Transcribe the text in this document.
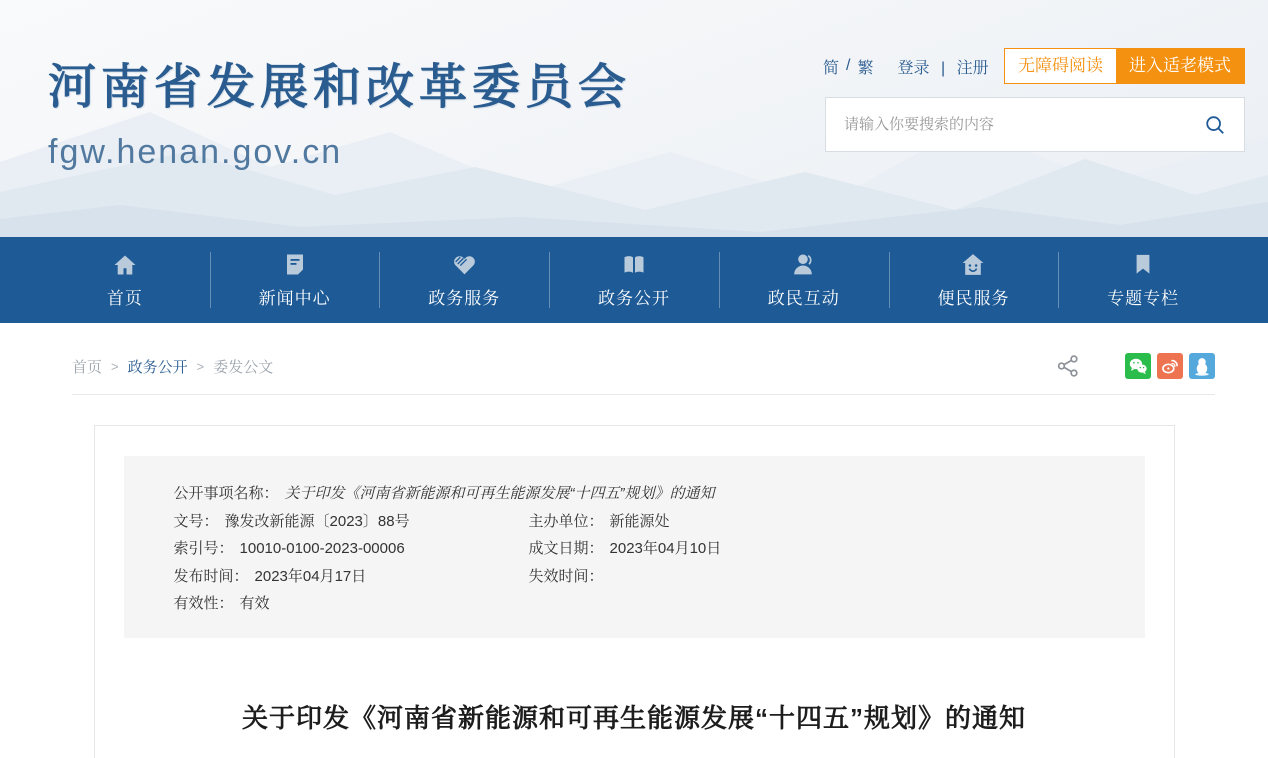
河南省发展和改革委员会
fgw.henan.gov.cn
简 / 繁 登录 | 注册	无障碍阅读	进入适老模式
请输入你要搜索的内容
首页	新闻中心	政务服务	政务公开	政民互动	便民服务	专题专栏
首页 > 政务公开 > 委发公文
公开事项名称： 关于印发《河南省新能源和可再生能源发展“十四五”规划》的通知
文号： 豫发改新能源〔2023〕88号	主办单位： 新能源处
索引号： 10010-0100-2023-00006	成文日期： 2023年04月10日
发布时间： 2023年04月17日	失效时间：
有效性： 有效
关于印发《河南省新能源和可再生能源发展“十四五”规划》的通知
